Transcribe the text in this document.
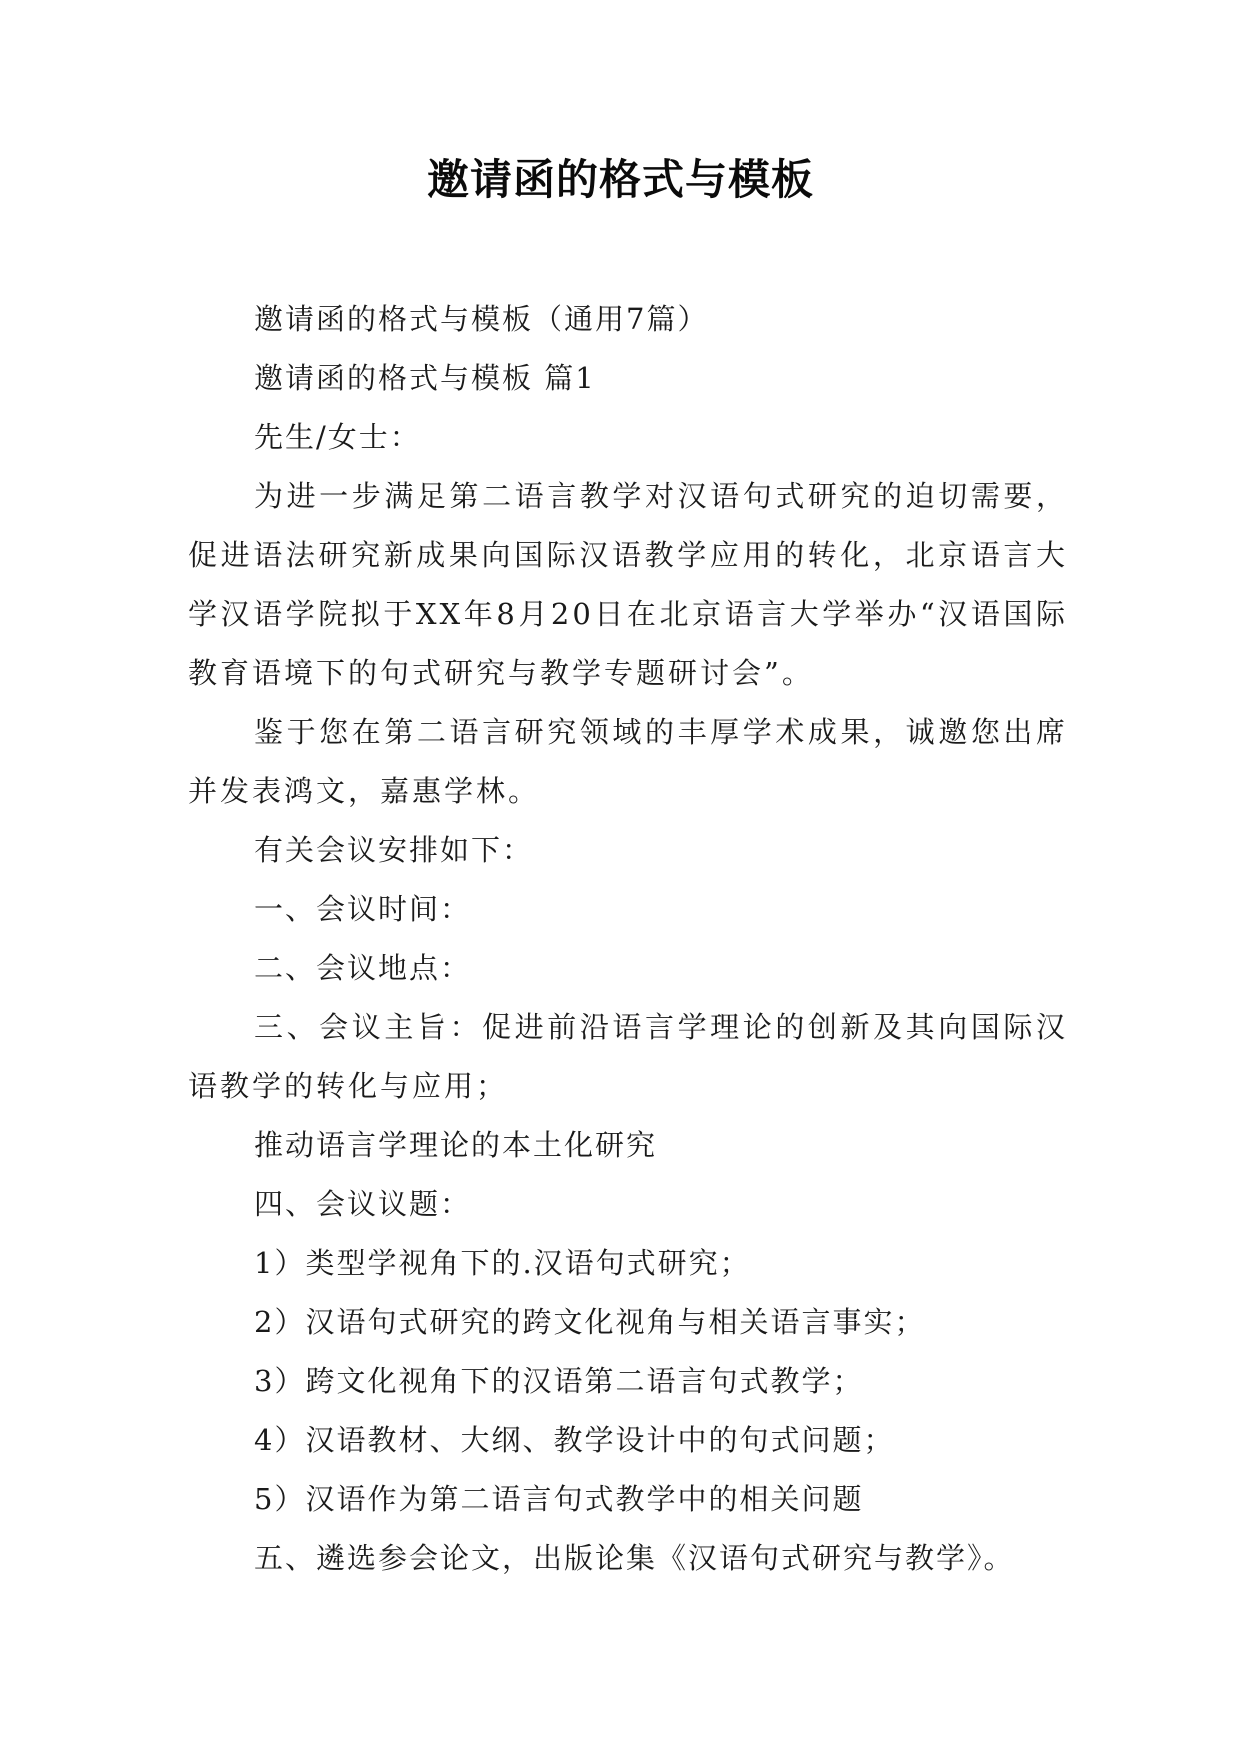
邀请函的格式与模板

邀请函的格式与模板（通用7篇）

邀请函的格式与模板 篇1

先生/女士：

为进一步满足第二语言教学对汉语句式研究的迫切需要，促进语法研究新成果向国际汉语教学应用的转化，北京语言大学汉语学院拟于XX年8月20日在北京语言大学举办“汉语国际教育语境下的句式研究与教学专题研讨会”。

鉴于您在第二语言研究领域的丰厚学术成果，诚邀您出席并发表鸿文，嘉惠学林。

有关会议安排如下：

一、会议时间：

二、会议地点：

三、会议主旨：促进前沿语言学理论的创新及其向国际汉语教学的转化与应用；

推动语言学理论的本土化研究

四、会议议题：

1）类型学视角下的.汉语句式研究；

2）汉语句式研究的跨文化视角与相关语言事实；

3）跨文化视角下的汉语第二语言句式教学；

4）汉语教材、大纲、教学设计中的句式问题；

5）汉语作为第二语言句式教学中的相关问题

五、遴选参会论文，出版论集《汉语句式研究与教学》。
